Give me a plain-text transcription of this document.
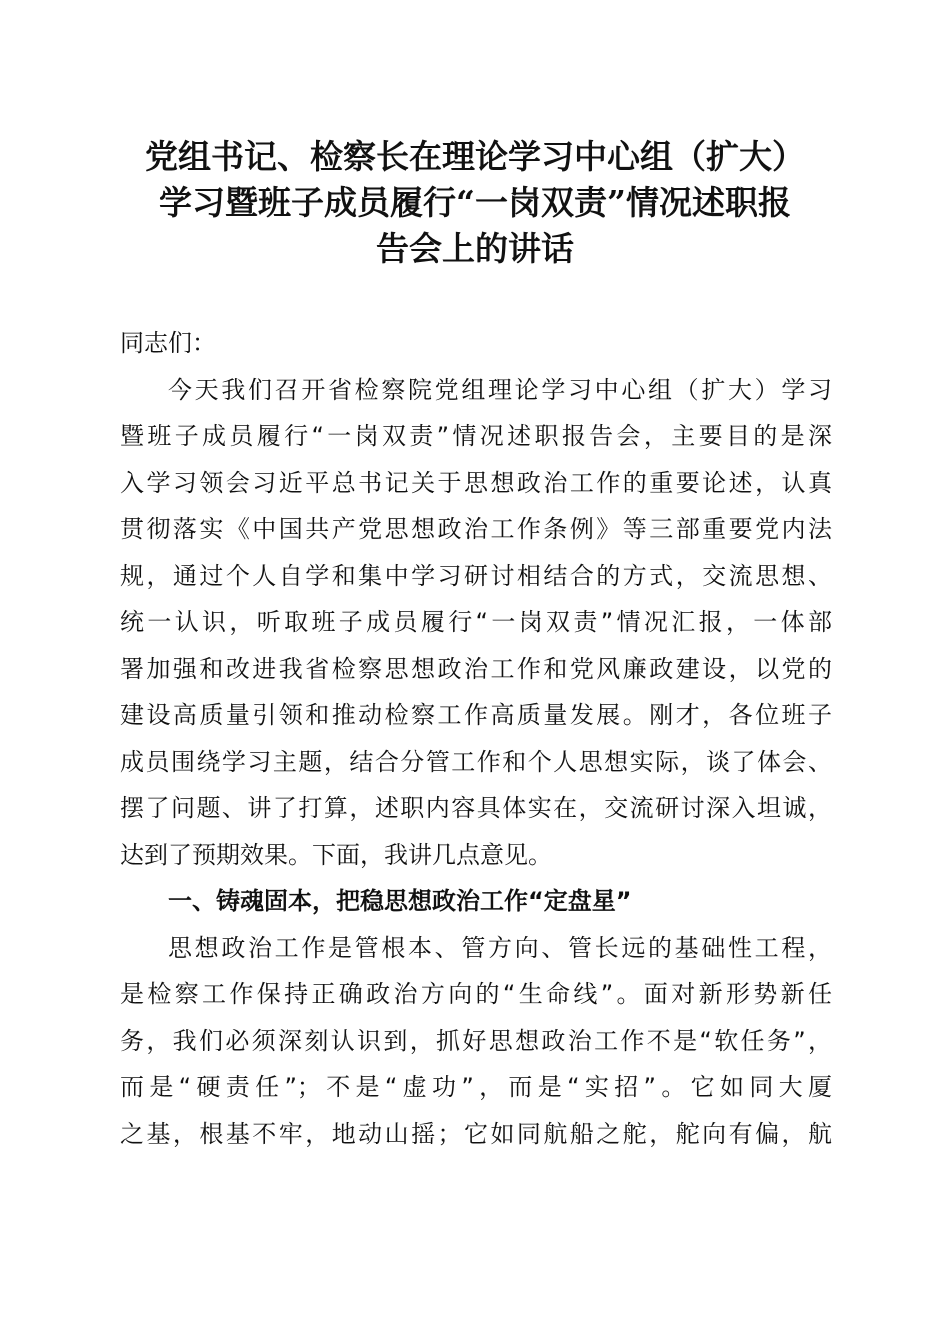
党组书记、检察长在理论学习中心组（扩大）
学习暨班子成员履行“一岗双责”情况述职报
告会上的讲话
同志们：
今天我们召开省检察院党组理论学习中心组（扩大）学习
暨班子成员履行“一岗双责”情况述职报告会，主要目的是深
入学习领会习近平总书记关于思想政治工作的重要论述，认真
贯彻落实《中国共产党思想政治工作条例》等三部重要党内法
规，通过个人自学和集中学习研讨相结合的方式，交流思想、
统一认识，听取班子成员履行“一岗双责”情况汇报，一体部
署加强和改进我省检察思想政治工作和党风廉政建设，以党的
建设高质量引领和推动检察工作高质量发展。刚才，各位班子
成员围绕学习主题，结合分管工作和个人思想实际，谈了体会、
摆了问题、讲了打算，述职内容具体实在，交流研讨深入坦诚，
达到了预期效果。下面，我讲几点意见。
一、铸魂固本，把稳思想政治工作“定盘星”
思想政治工作是管根本、管方向、管长远的基础性工程，
是检察工作保持正确政治方向的“生命线”。面对新形势新任
务，我们必须深刻认识到，抓好思想政治工作不是“软任务”，
而是“硬责任”；不是“虚功”，而是“实招”。它如同大厦
之基，根基不牢，地动山摇；它如同航船之舵，舵向有偏，航
